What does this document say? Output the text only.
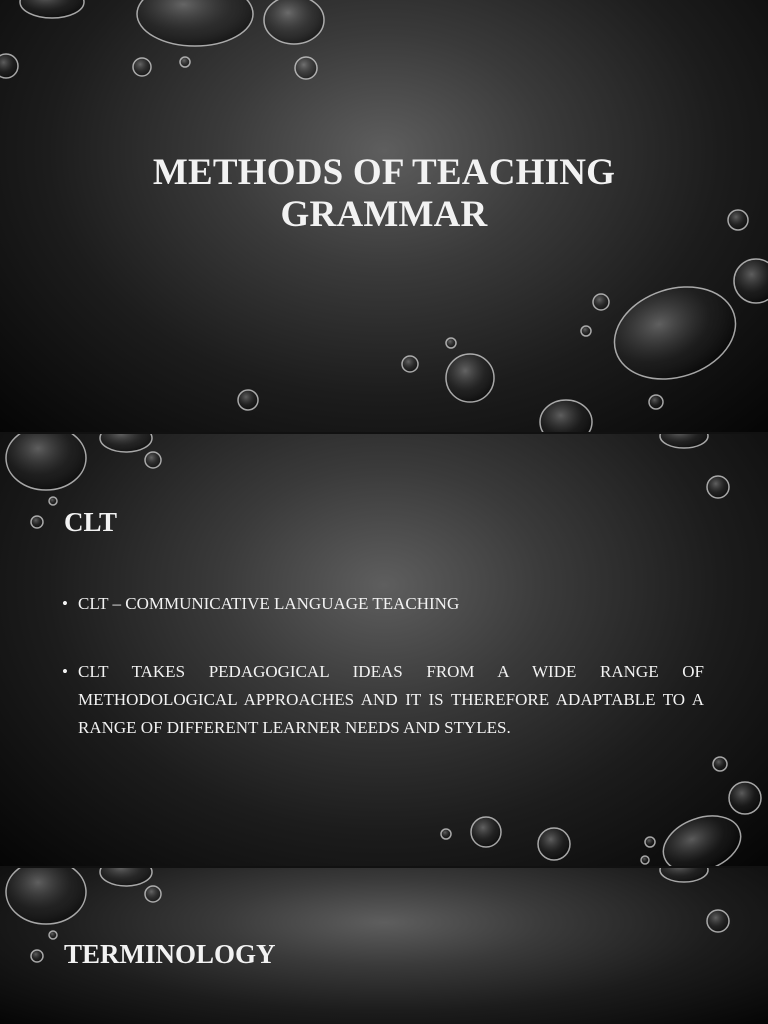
METHODS OF TEACHING GRAMMAR
CLT
• CLT – COMMUNICATIVE LANGUAGE TEACHING
• CLT TAKES PEDAGOGICAL IDEAS FROM A WIDE RANGE OF METHODOLOGICAL APPROACHES AND IT IS THEREFORE ADAPTABLE TO A RANGE OF DIFFERENT LEARNER NEEDS AND STYLES.
TERMINOLOGY
